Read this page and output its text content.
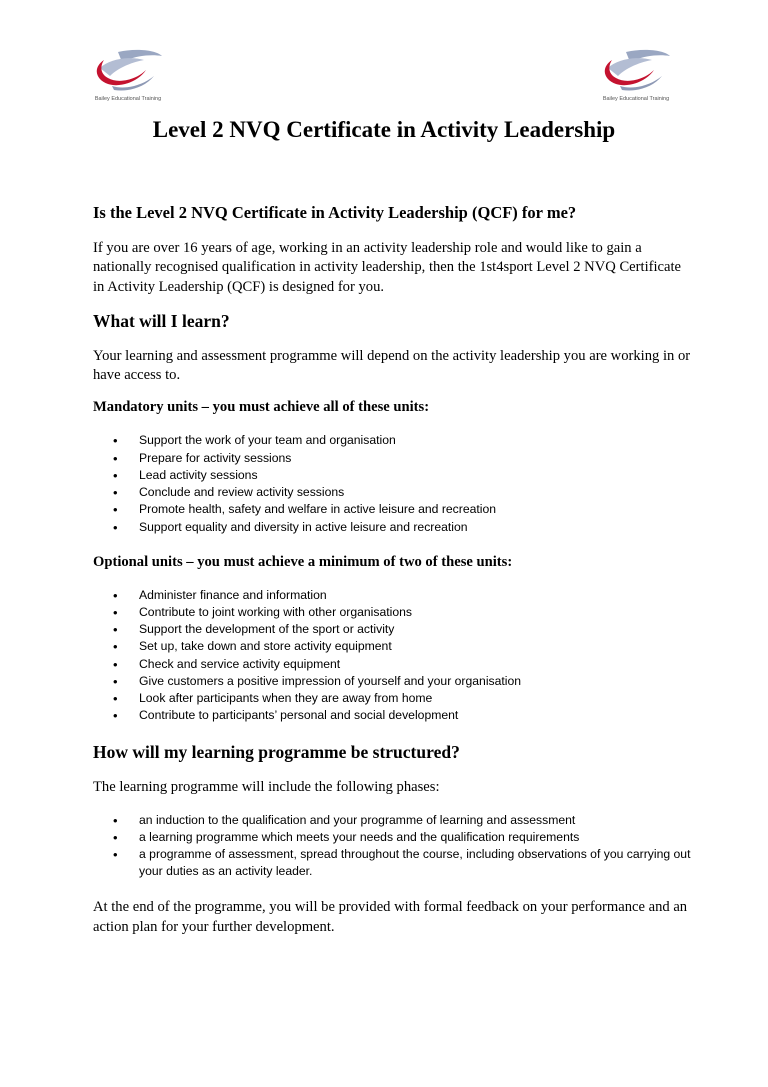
Bailey Educational Training	Bailey Educational Training
Level 2 NVQ Certificate in Activity Leadership
Is the Level 2 NVQ Certificate in Activity Leadership (QCF) for me?

If you are over 16 years of age, working in an activity leadership role and would like to gain a nationally recognised qualification in activity leadership, then the 1st4sport Level 2 NVQ Certificate in Activity Leadership (QCF) is designed for you.

What will I learn?

Your learning and assessment programme will depend on the activity leadership you are working in or have access to.

Mandatory units – you must achieve all of these units:

• Support the work of your team and organisation
• Prepare for activity sessions
• Lead activity sessions
• Conclude and review activity sessions
• Promote health, safety and welfare in active leisure and recreation
• Support equality and diversity in active leisure and recreation

Optional units – you must achieve a minimum of two of these units:

• Administer finance and information
• Contribute to joint working with other organisations
• Support the development of the sport or activity
• Set up, take down and store activity equipment
• Check and service activity equipment
• Give customers a positive impression of yourself and your organisation
• Look after participants when they are away from home
• Contribute to participants’ personal and social development
How will my learning programme be structured?

The learning programme will include the following phases:

• an induction to the qualification and your programme of learning and assessment
• a learning programme which meets your needs and the qualification requirements
• a programme of assessment, spread throughout the course, including observations of you carrying out your duties as an activity leader.

At the end of the programme, you will be provided with formal feedback on your performance and an action plan for your further development.
